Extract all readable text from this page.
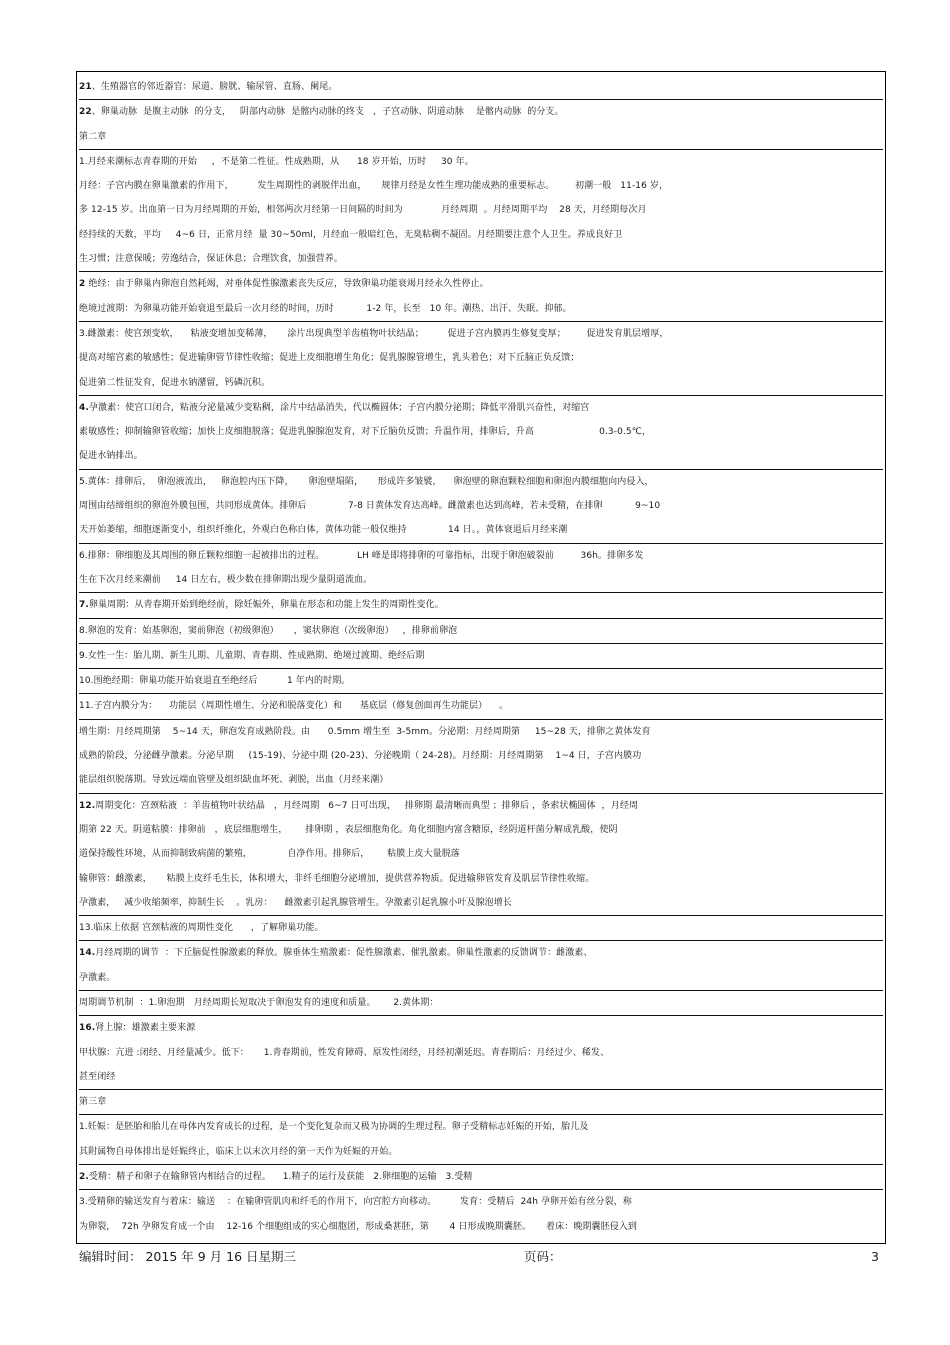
21、生殖器官的邻近器官：尿道、膀胱、输尿管、直肠、阑尾。
22、卵巢动脉  是腹主动脉  的分支，   阴部内动脉  是髂内动脉的终支   ，子宫动脉、阴道动脉    是髂内动脉  的分支。
第二章
1.月经来潮标志青春期的开始     ，不是第二性征。性成熟期，从      18 岁开始，历时     30 年。
月经：子宫内膜在卵巢激素的作用下，        发生周期性的剥脱伴出血，     规律月经是女性生理功能成熟的重要标志。       初潮一般   11-16 岁，
多 12-15 岁。出血第一日为月经周期的开始，相邻两次月经第一日间隔的时间为             月经周期  。月经周期平均    28 天，月经期每次月
经持续的天数，平均     4~6 日，正常月经  量 30~50ml，月经血一般暗红色，无臭粘稠不凝固。月经期要注意个人卫生。养成良好卫
生习惯；注意保暖；劳逸结合，保证休息；合理饮食，加强营养。
2 绝经：由于卵巢内卵泡自然耗竭，对垂体促性腺激素丧失反应，导致卵巢功能衰竭月经永久性停止。
绝境过渡期：为卵巢功能开始衰退至最后一次月经的时间，历时           1-2 年，长至   10 年。潮热、出汗、失眠、抑郁。
3.雌激素：使宫颈变软，    粘液变增加变稀薄，     涂片出现典型羊齿植物叶状结晶；        促进子宫内膜再生修复变厚；       促进发育肌层增厚，
提高对缩宫素的敏感性；促进输卵管节律性收缩；促进上皮细胞增生角化；促乳腺腺管增生，乳头着色；对下丘脑正负反馈；
促进第二性征发育，促进水钠潴留，钙磷沉积。
4.孕激素：使宫口闭合，粘液分泌量减少变粘稠，涂片中结晶消失，代以椭圆体；子宫内膜分泌期；降低平滑肌兴奋性，对缩宫
素敏感性；抑制输卵管收缩；加快上皮细胞脱落；促进乳腺腺泡发育，对下丘脑负反馈；升温作用，排卵后，升高                      0.3-0.5℃，
促进水钠排出。
5.黄体：排卵后，  卵泡液流出，   卵泡腔内压下降，     卵泡壁塌陷，     形成许多皱襞，    卵泡壁的卵泡颗粒细胞和卵泡内膜细胞向内侵入，
周围由结缔组织的卵泡外膜包围，共同形成黄体。排卵后              7-8 日黄体发育达高峰。雌激素也达到高峰，若未受精，在排卵           9~10
天开始萎缩，细胞逐渐变小，组织纤维化，外观白色称白体，黄体功能一般仅维持              14 日。，黄体衰退后月经来潮
6.排卵：卵细胞及其周围的卵丘颗粒细胞一起被排出的过程。           LH 峰是即将排卵的可靠指标，出现于卵泡破裂前         36h。排卵多发
生在下次月经来潮前     14 日左右，极少数在排卵期出现少量阴道流血。
7.卵巢周期：从青春期开始到绝经前，除妊娠外，卵巢在形态和功能上发生的周期性变化。
8.卵泡的发育：始基卵泡，窦前卵泡（初级卵泡）     ，窦状卵泡（次级卵泡）   ，排卵前卵泡
9.女性一生：胎儿期、新生儿期、儿童期、青春期、性成熟期、绝境过渡期、绝经后期
10.围绝经期：卵巢功能开始衰退直至绝经后          1 年内的时期。
11.子宫内膜分为：    功能层（周期性增生、分泌和脱落变化）和      基底层（修复创面再生功能层）    。
增生期：月经周期第    5~14 天，卵泡发育成熟阶段。由      0.5mm 增生至  3-5mm。分泌期：月经周期第     15~28 天，排卵之黄体发育
成熟的阶段，分泌雌孕激素。分泌早期     (15-19)、分泌中期 (20-23)、分泌晚期（ 24-28)。月经期：月经周期第    1~4 日，子宫内膜功
能层组织脱落期。导致远端血管壁及组织缺血坏死、剥脱，出血（月经来潮）
12.周期变化：宫颈粘液  ：羊齿植物叶状结晶   ，月经周期   6~7 日可出现，   排卵期 最清晰而典型 ；排卵后 ，条索状椭圆体  ，月经周
期第 22 天。阴道粘膜：排卵前   ，底层细胞增生，      排卵期 ，表层细胞角化。角化细胞内富含糖原，经阴道杆菌分解成乳酸，使阴
道保持酸性环境，从而抑制致病菌的繁殖，            自净作用。排卵后，      粘膜上皮大量脱落
输卵管：雌激素，     粘膜上皮纤毛生长，体积增大，非纤毛细胞分泌增加，提供营养物质。促进输卵管发育及肌层节律性收缩。
孕激素，   减少收缩频率，抑制生长    。乳房：    雌激素引起乳腺管增生。孕激素引起乳腺小叶及腺泡增长
13.临床上依据 宫颈粘液的周期性变化      ，了解卵巢功能。
14.月经周期的调节  ：下丘脑促性腺激素的释放。腺垂体生殖激素：促性腺激素、催乳激素。卵巢性激素的反馈调节：雌激素、
孕激素。
周期调节机制  ：1.卵泡期   月经周期长短取决于卵泡发育的速度和质量。      2.黄体期：
16.肾上腺：雄激素主要来源
甲状腺：亢进 :闭经、月经量减少。低下：     1.青春期前，性发育障碍、原发性闭经，月经初潮延迟。青春期后：月经过少、稀发、
甚至闭经
第三章
1.妊娠：是胚胎和胎儿在母体内发育成长的过程，是一个变化复杂而又极为协调的生理过程。卵子受精标志妊娠的开始，胎儿及
其附属物自母体排出是妊娠终止，临床上以末次月经的第一天作为妊娠的开始。
2.受精：精子和卵子在输卵管内相结合的过程。    1.精子的运行及获能   2.卵细胞的运输   3.受精
3.受精卵的输送发育与着床：输送    ：在输卵管肌肉和纤毛的作用下，向宫腔方向移动。        发育：受精后  24h 孕卵开始有丝分裂，称
为卵裂，  72h 孕卵发育成一个由    12-16 个细胞组成的实心细胞团，形成桑葚胚，第       4 日形成晚期囊胚。     着床：晚期囊胚侵入到
编辑时间： 2015 年 9 月 16 日星期三	页码：	3
